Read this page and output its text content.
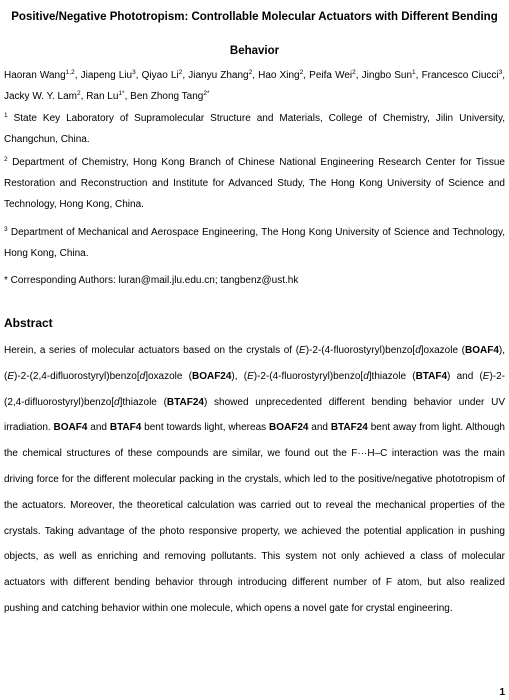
Positive/Negative Phototropism: Controllable Molecular Actuators with Different Bending
Behavior
Haoran Wang$^{1,2}$, Jiapeng Liu$^3$, Qiyao Li$^2$, Jianyu Zhang$^2$, Hao Xing$^2$, Peifa Wei$^2$, Jingbo Sun$^1$, Francesco Ciucci$^3$, Jacky W. Y. Lam$^2$, Ran $Lu^{1*}$, Ben Zhong Tang$^{2*}$
$^1$ State Key Laboratory of Supramolecular Structure and Materials, College of Chemistry, Jilin University, Changchun, China.
$^2$ Department of Chemistry, Hong Kong Branch of Chinese National Engineering Research Center for Tissue Restoration and Reconstruction and Institute for Advanced Study, The Hong Kong University of Science and Technology, Hong Kong, China.
$^3$ Department of Mechanical and Aerospace Engineering, The Hong Kong University of Science and Technology, Hong Kong, China.
* Corresponding Authors: luran@mail.jlu.edu.cn; tangbenz@ust.hk
Abstract

Herein, a series of molecular actuators based on the crystals of (E)-2-(4-fluorostyryl)benzo[d]oxazole (BOAF4), (E)-2-(2,4-difluorostyryl)benzo[d]oxazole (BOAF24), (E)-2-(4-fluorostyryl)benzo[d]thiazole (BTAF4) and (E)-2-(2,4-difluorostyryl)benzo[d]thiazole (BTAF24) showed unprecedented different bending behavior under UV irradiation. BOAF4 and BTAF4 bent towards light, whereas BOAF24 and BTAF24 bent away from light. Although the chemical structures of these compounds are similar, we found out the F···H–C interaction was the main driving force for the different molecular packing in the crystals, which led to the positive/negative phototropism of the actuators. Moreover, the theoretical calculation was carried out to reveal the mechanical properties of the crystals. Taking advantage of the photo responsive property, we achieved the potential application in pushing objects, as well as enriching and removing pollutants. This system not only achieved a class of molecular actuators with different bending behavior through introducing different number of F atom, but also realized pushing and catching behavior within one molecule, which opens a novel gate for crystal engineering.

1
